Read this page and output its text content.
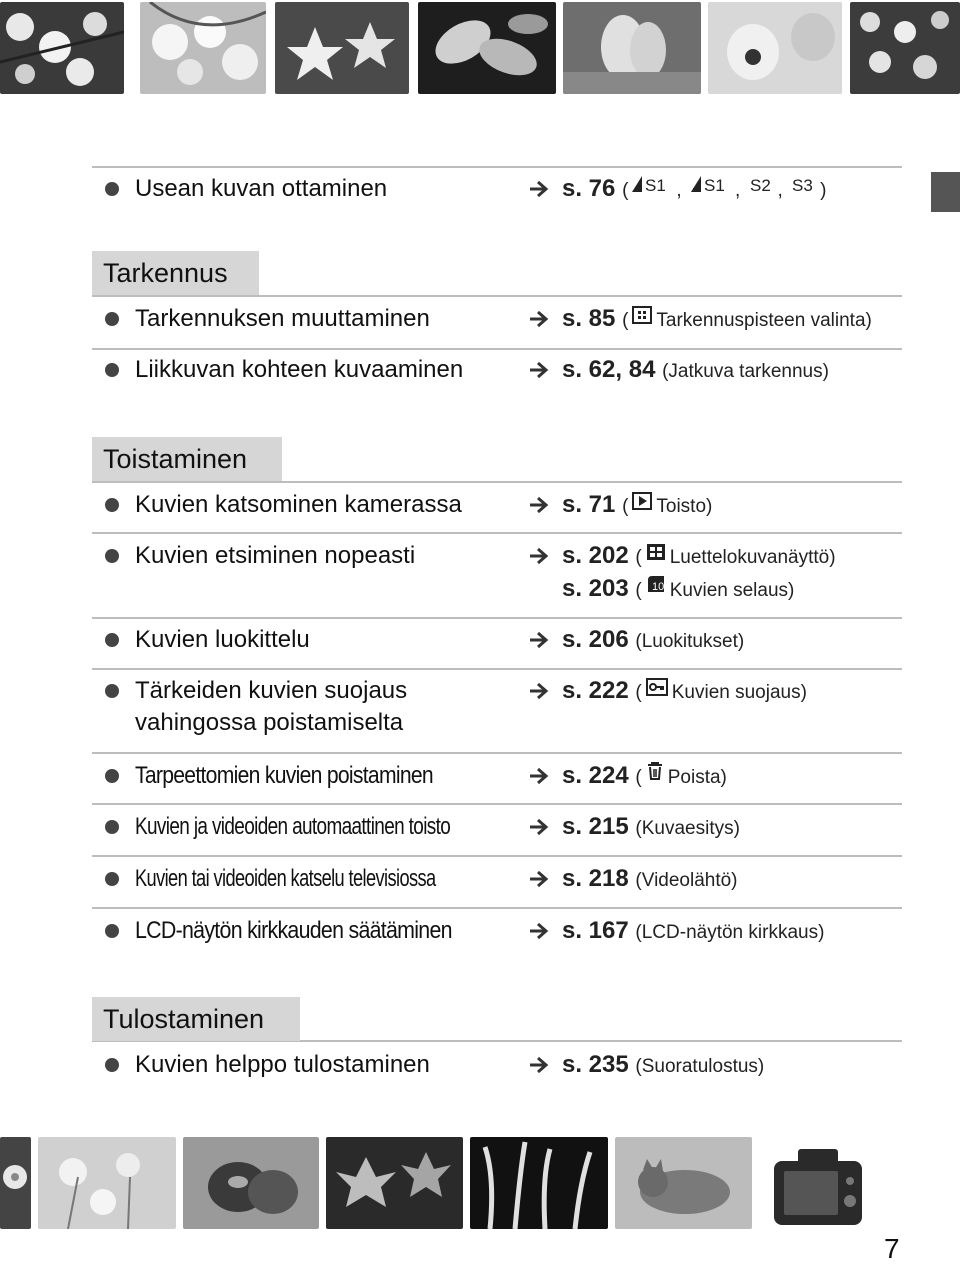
Usean kuvan ottaminen	s. 76 ( S1 , S1 , S2 , S3 )
Tarkennus
Tarkennuksen muuttaminen	s. 85 ( Tarkennuspisteen valinta)
Liikkuvan kohteen kuvaaminen	s. 62, 84 (Jatkuva tarkennus)
Toistaminen
Kuvien katsominen kamerassa	s. 71 ( Toisto)
Kuvien etsiminen nopeasti	s. 202 ( Luettelokuvanäyttö)
s. 203 ( 10 Kuvien selaus)
Kuvien luokittelu	s. 206 (Luokitukset)
Tärkeiden kuvien suojaus
vahingossa poistamiselta
s. 222 ( Kuvien suojaus)
Tarpeettomien kuvien poistaminen	s. 224 ( Poista)
Kuvien ja videoiden automaattinen toisto	s. 215 (Kuvaesitys)
Kuvien tai videoiden katselu televisiossa	s. 218 (Videolähtö)
LCD-näytön kirkkauden säätäminen	s. 167 (LCD-näytön kirkkaus)
Tulostaminen
Kuvien helppo tulostaminen	s. 235 (Suoratulostus)
7
